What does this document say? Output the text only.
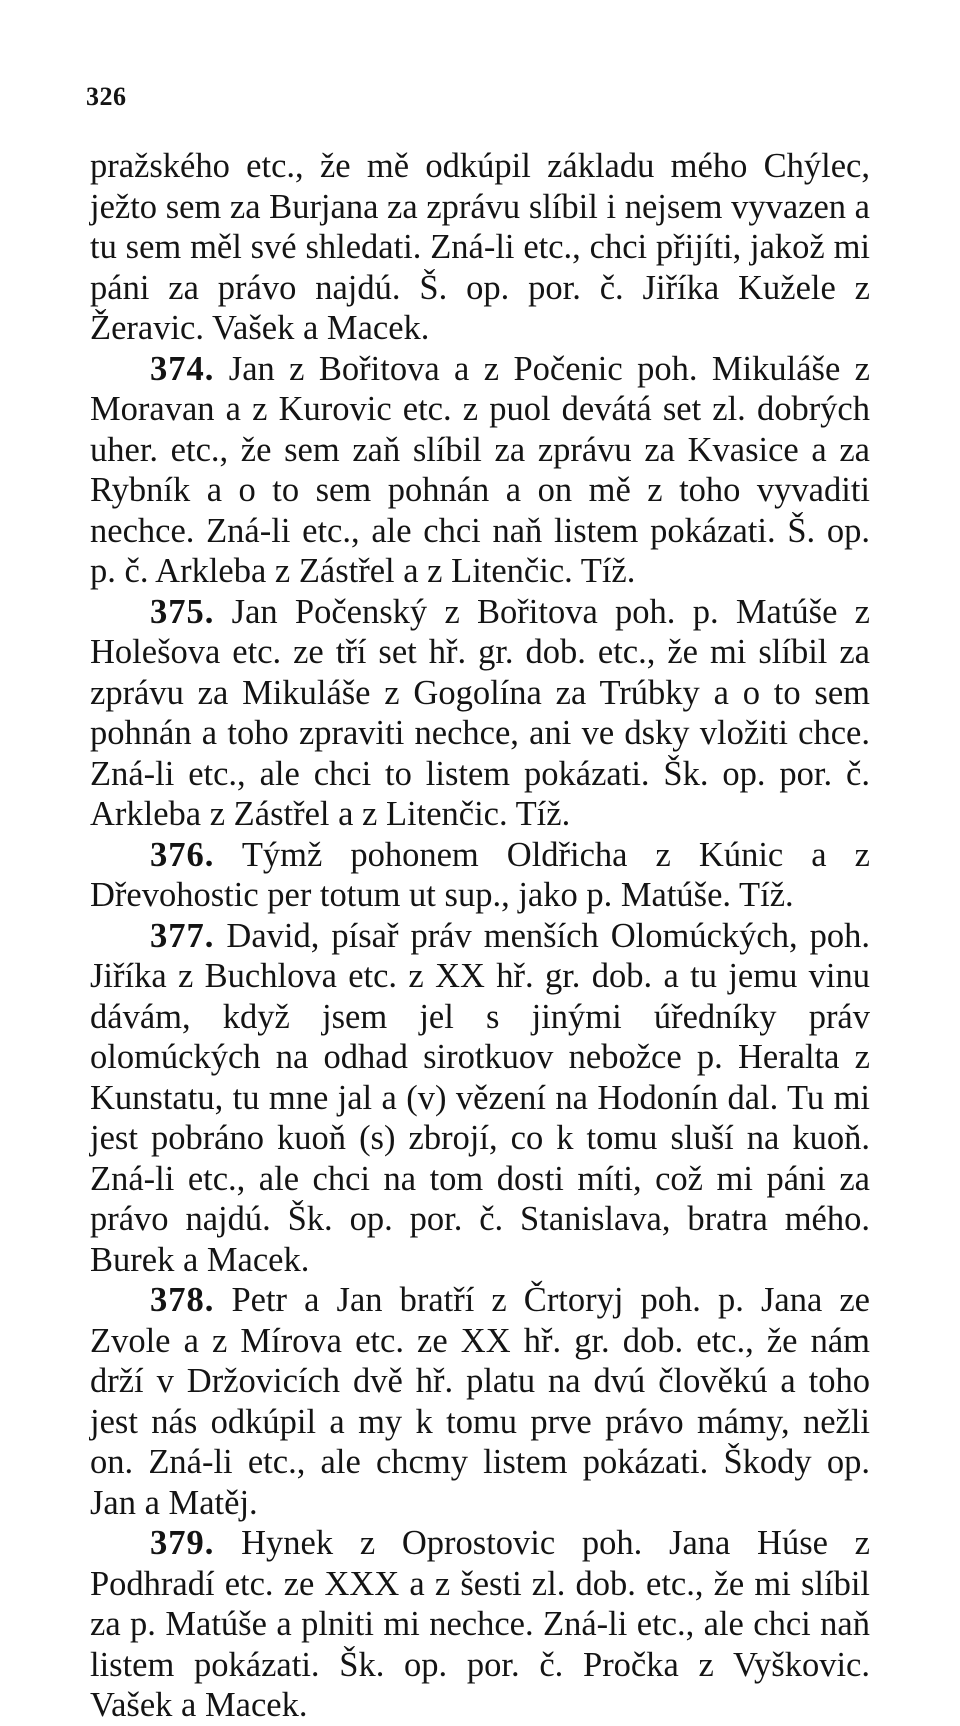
326

pražského etc., že mě odkúpil základu mého Chýlec, ježto sem za Burjana za zprávu slíbil i nejsem vyvazen a tu sem měl své shledati. Zná-li etc., chci přijíti, jakož mi páni za právo najdú. Š. op. por. č. Jiříka Kužele z Žeravic. Vašek a Macek.

374. Jan z Bořitova a z Počenic poh. Mikuláše z Moravan a z Kurovic etc. z puol devátá set zl. dobrých uher. etc., že sem zaň slíbil za zprávu za Kvasice a za Rybník a o to sem pohnán a on mě z toho vyvaditi nechce. Zná-li etc., ale chci naň listem pokázati. Š. op. p. č. Arkleba z Zástřel a z Litenčic. Tíž.

375. Jan Počenský z Bořitova poh. p. Matúše z Holešova etc. ze tří set hř. gr. dob. etc., že mi slíbil za zprávu za Mikuláše z Gogolína za Trúbky a o to sem pohnán a toho zpraviti nechce, ani ve dsky vložiti chce. Zná-li etc., ale chci to listem pokázati. Šk. op. por. č. Arkleba z Zástřel a z Litenčic. Tíž.

376. Týmž pohonem Oldřicha z Kúnic a z Dřevohostic per totum ut sup., jako p. Matúše. Tíž.

377. David, písař práv menších Olomúckých, poh. Jiříka z Buchlova etc. z XX hř. gr. dob. a tu jemu vinu dávám, když jsem jel s jinými úředníky práv olomúckých na odhad sirotkuov nebožce p. Heralta z Kunstatu, tu mne jal a (v) vězení na Hodonín dal. Tu mi jest pobráno kuoň (s) zbrojí, co k tomu sluší na kuoň. Zná-li etc., ale chci na tom dosti míti, což mi páni za právo najdú. Šk. op. por. č. Stanislava, bratra mého. Burek a Macek.

378. Petr a Jan bratří z Črtoryj poh. p. Jana ze Zvole a z Mírova etc. ze XX hř. gr. dob. etc., že nám drží v Držovicích dvě hř. platu na dvú člověkú a toho jest nás odkúpil a my k tomu prve právo mámy, nežli on. Zná-li etc., ale chcmy listem pokázati. Škody op. Jan a Matěj.

379. Hynek z Oprostovic poh. Jana Húse z Podhradí etc. ze XXX a z šesti zl. dob. etc., že mi slíbil za p. Matúše a plniti mi nechce. Zná-li etc., ale chci naň listem pokázati. Šk. op. por. č. Pročka z Vyškovic. Vašek a Macek.
